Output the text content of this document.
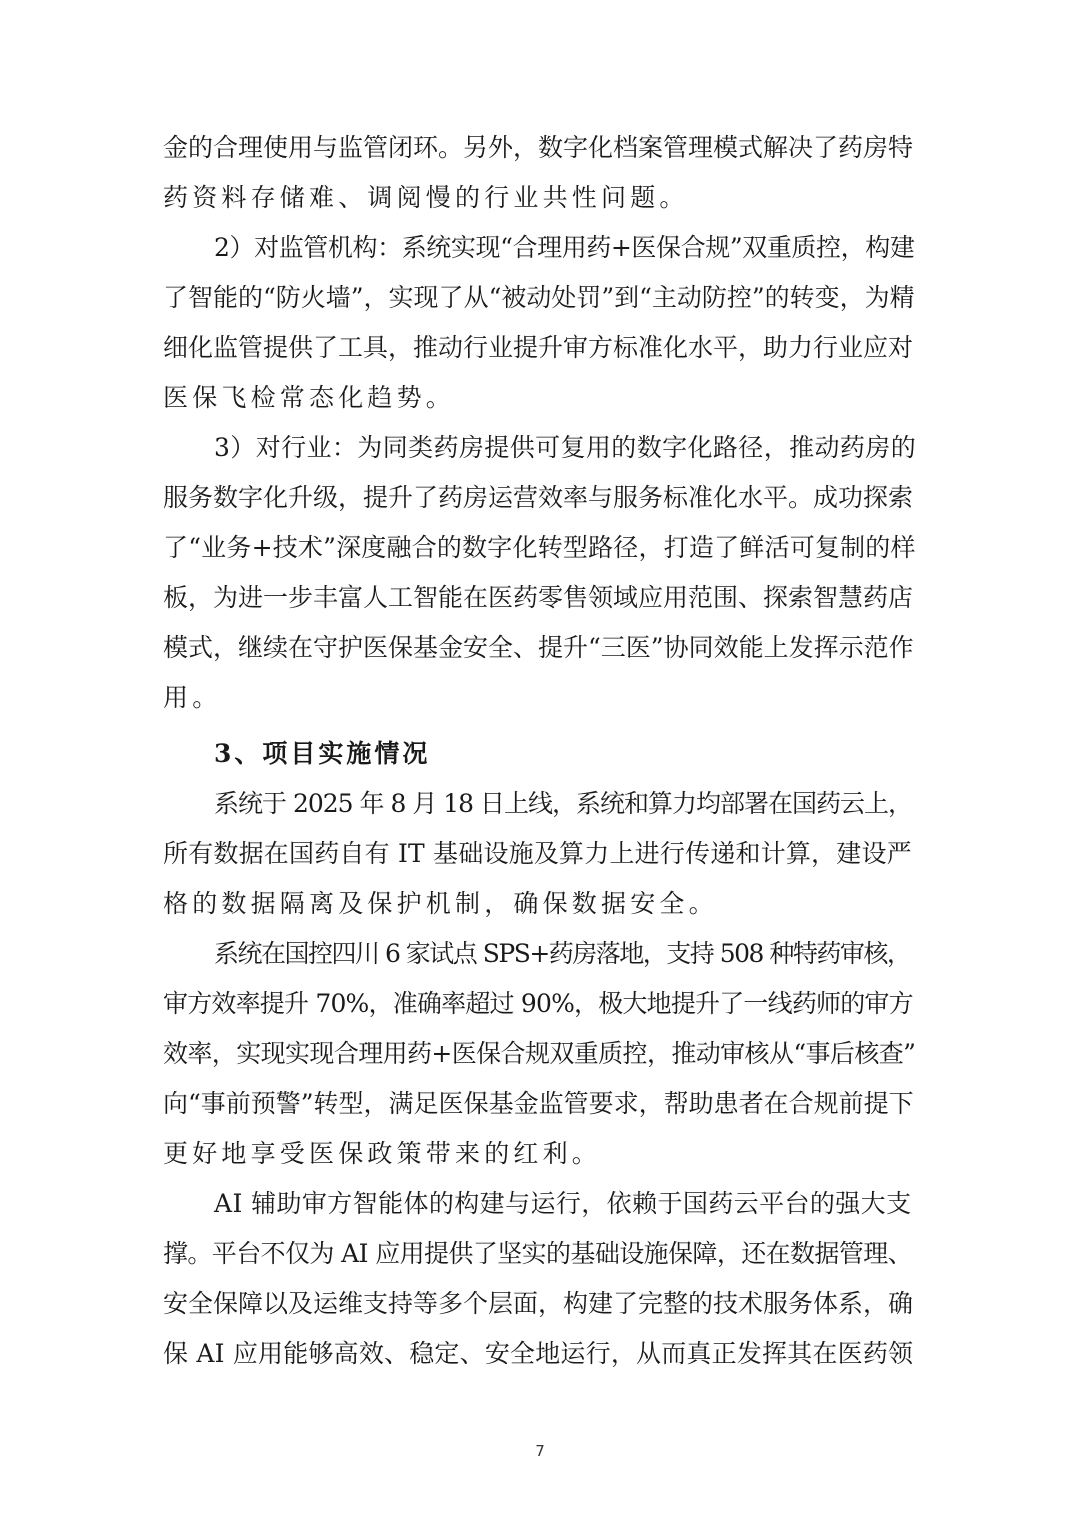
金的合理使用与监管闭环。另外，数字化档案管理模式解决了药房特
药资料存储难、调阅慢的行业共性问题。
2）对监管机构：系统实现“合理用药+医保合规”双重质控，构建
了智能的“防火墙”，实现了从“被动处罚”到“主动防控”的转变，为精
细化监管提供了工具，推动行业提升审方标准化水平，助力行业应对
医保飞检常态化趋势。
3）对行业：为同类药房提供可复用的数字化路径，推动药房的
服务数字化升级，提升了药房运营效率与服务标准化水平。成功探索
了“业务+技术”深度融合的数字化转型路径，打造了鲜活可复制的样
板，为进一步丰富人工智能在医药零售领域应用范围、探索智慧药店
模式，继续在守护医保基金安全、提升“三医”协同效能上发挥示范作
用。
3、项目实施情况
系统于 2025 年 8 月 18 日上线，系统和算力均部署在国药云上，
所有数据在国药自有 IT 基础设施及算力上进行传递和计算，建设严
格的数据隔离及保护机制，确保数据安全。
系统在国控四川 6 家试点 SPS+药房落地，支持 508 种特药审核，
审方效率提升 70%，准确率超过 90%，极大地提升了一线药师的审方
效率，实现实现合理用药+医保合规双重质控，推动审核从“事后核查”
向“事前预警”转型，满足医保基金监管要求，帮助患者在合规前提下
更好地享受医保政策带来的红利。
AI 辅助审方智能体的构建与运行，依赖于国药云平台的强大支
撑。平台不仅为 AI 应用提供了坚实的基础设施保障，还在数据管理、
安全保障以及运维支持等多个层面，构建了完整的技术服务体系，确
保 AI 应用能够高效、稳定、安全地运行，从而真正发挥其在医药领
7
